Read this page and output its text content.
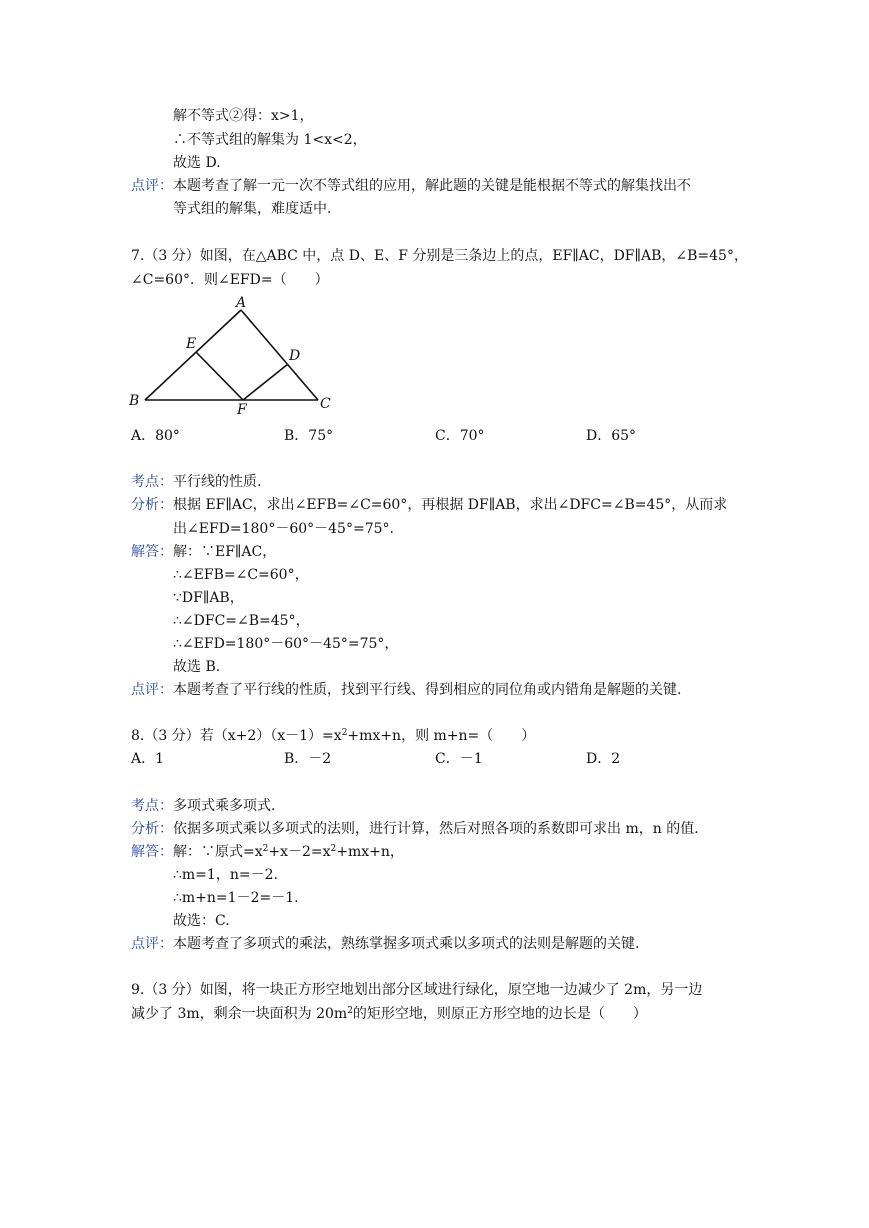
解不等式②得：x>1，
∴不等式组的解集为 1<x<2，
故选 D.
点评： 本题考查了解一元一次不等式组的应用，解此题的关键是能根据不等式的解集找出不
等式组的解集，难度适中.
7.（3 分）如图，在△ABC 中，点 D、E、F 分别是三条边上的点，EF∥AC，DF∥AB，∠B=45°，
∠C=60°．则∠EFD=（　　）
A
B	C
D
E
F
A．80°	B．75°	C．70°	D．65°
考点： 平行线的性质.
分析： 根据 EF∥AC，求出∠EFB=∠C=60°，再根据 DF∥AB，求出∠DFC=∠B=45°，从而求
出∠EFD=180°－60°－45°=75°.
解答： 解：∵EF∥AC，
∴∠EFB=∠C=60°，
∵DF∥AB，
∴∠DFC=∠B=45°，
∴∠EFD=180°－60°－45°=75°，
故选 B.
点评： 本题考查了平行线的性质，找到平行线、得到相应的同位角或内错角是解题的关键.
8.（3 分）若$(x+2)(x-1)=x^2+mx+n$，则 m+n=（　　）
A．1	B．－2	C．－1	D．2
考点： 多项式乘多项式.
分析： 依据多项式乘以多项式的法则，进行计算，然后对照各项的系数即可求出 m，n 的值.
解答： 解：∵原式$=x^2+x-2=x^2+mx+n$，
∴m=1，n=－2.
∴m+n=1－2=－1.
故选：C.
点评： 本题考查了多项式的乘法，熟练掌握多项式乘以多项式的法则是解题的关键.
9.（3 分）如图，将一块正方形空地划出部分区域进行绿化，原空地一边减少了 2m，另一边
减少了 3m，剩余一块面积为 $20m^2$的矩形空地，则原正方形空地的边长是（　　）
